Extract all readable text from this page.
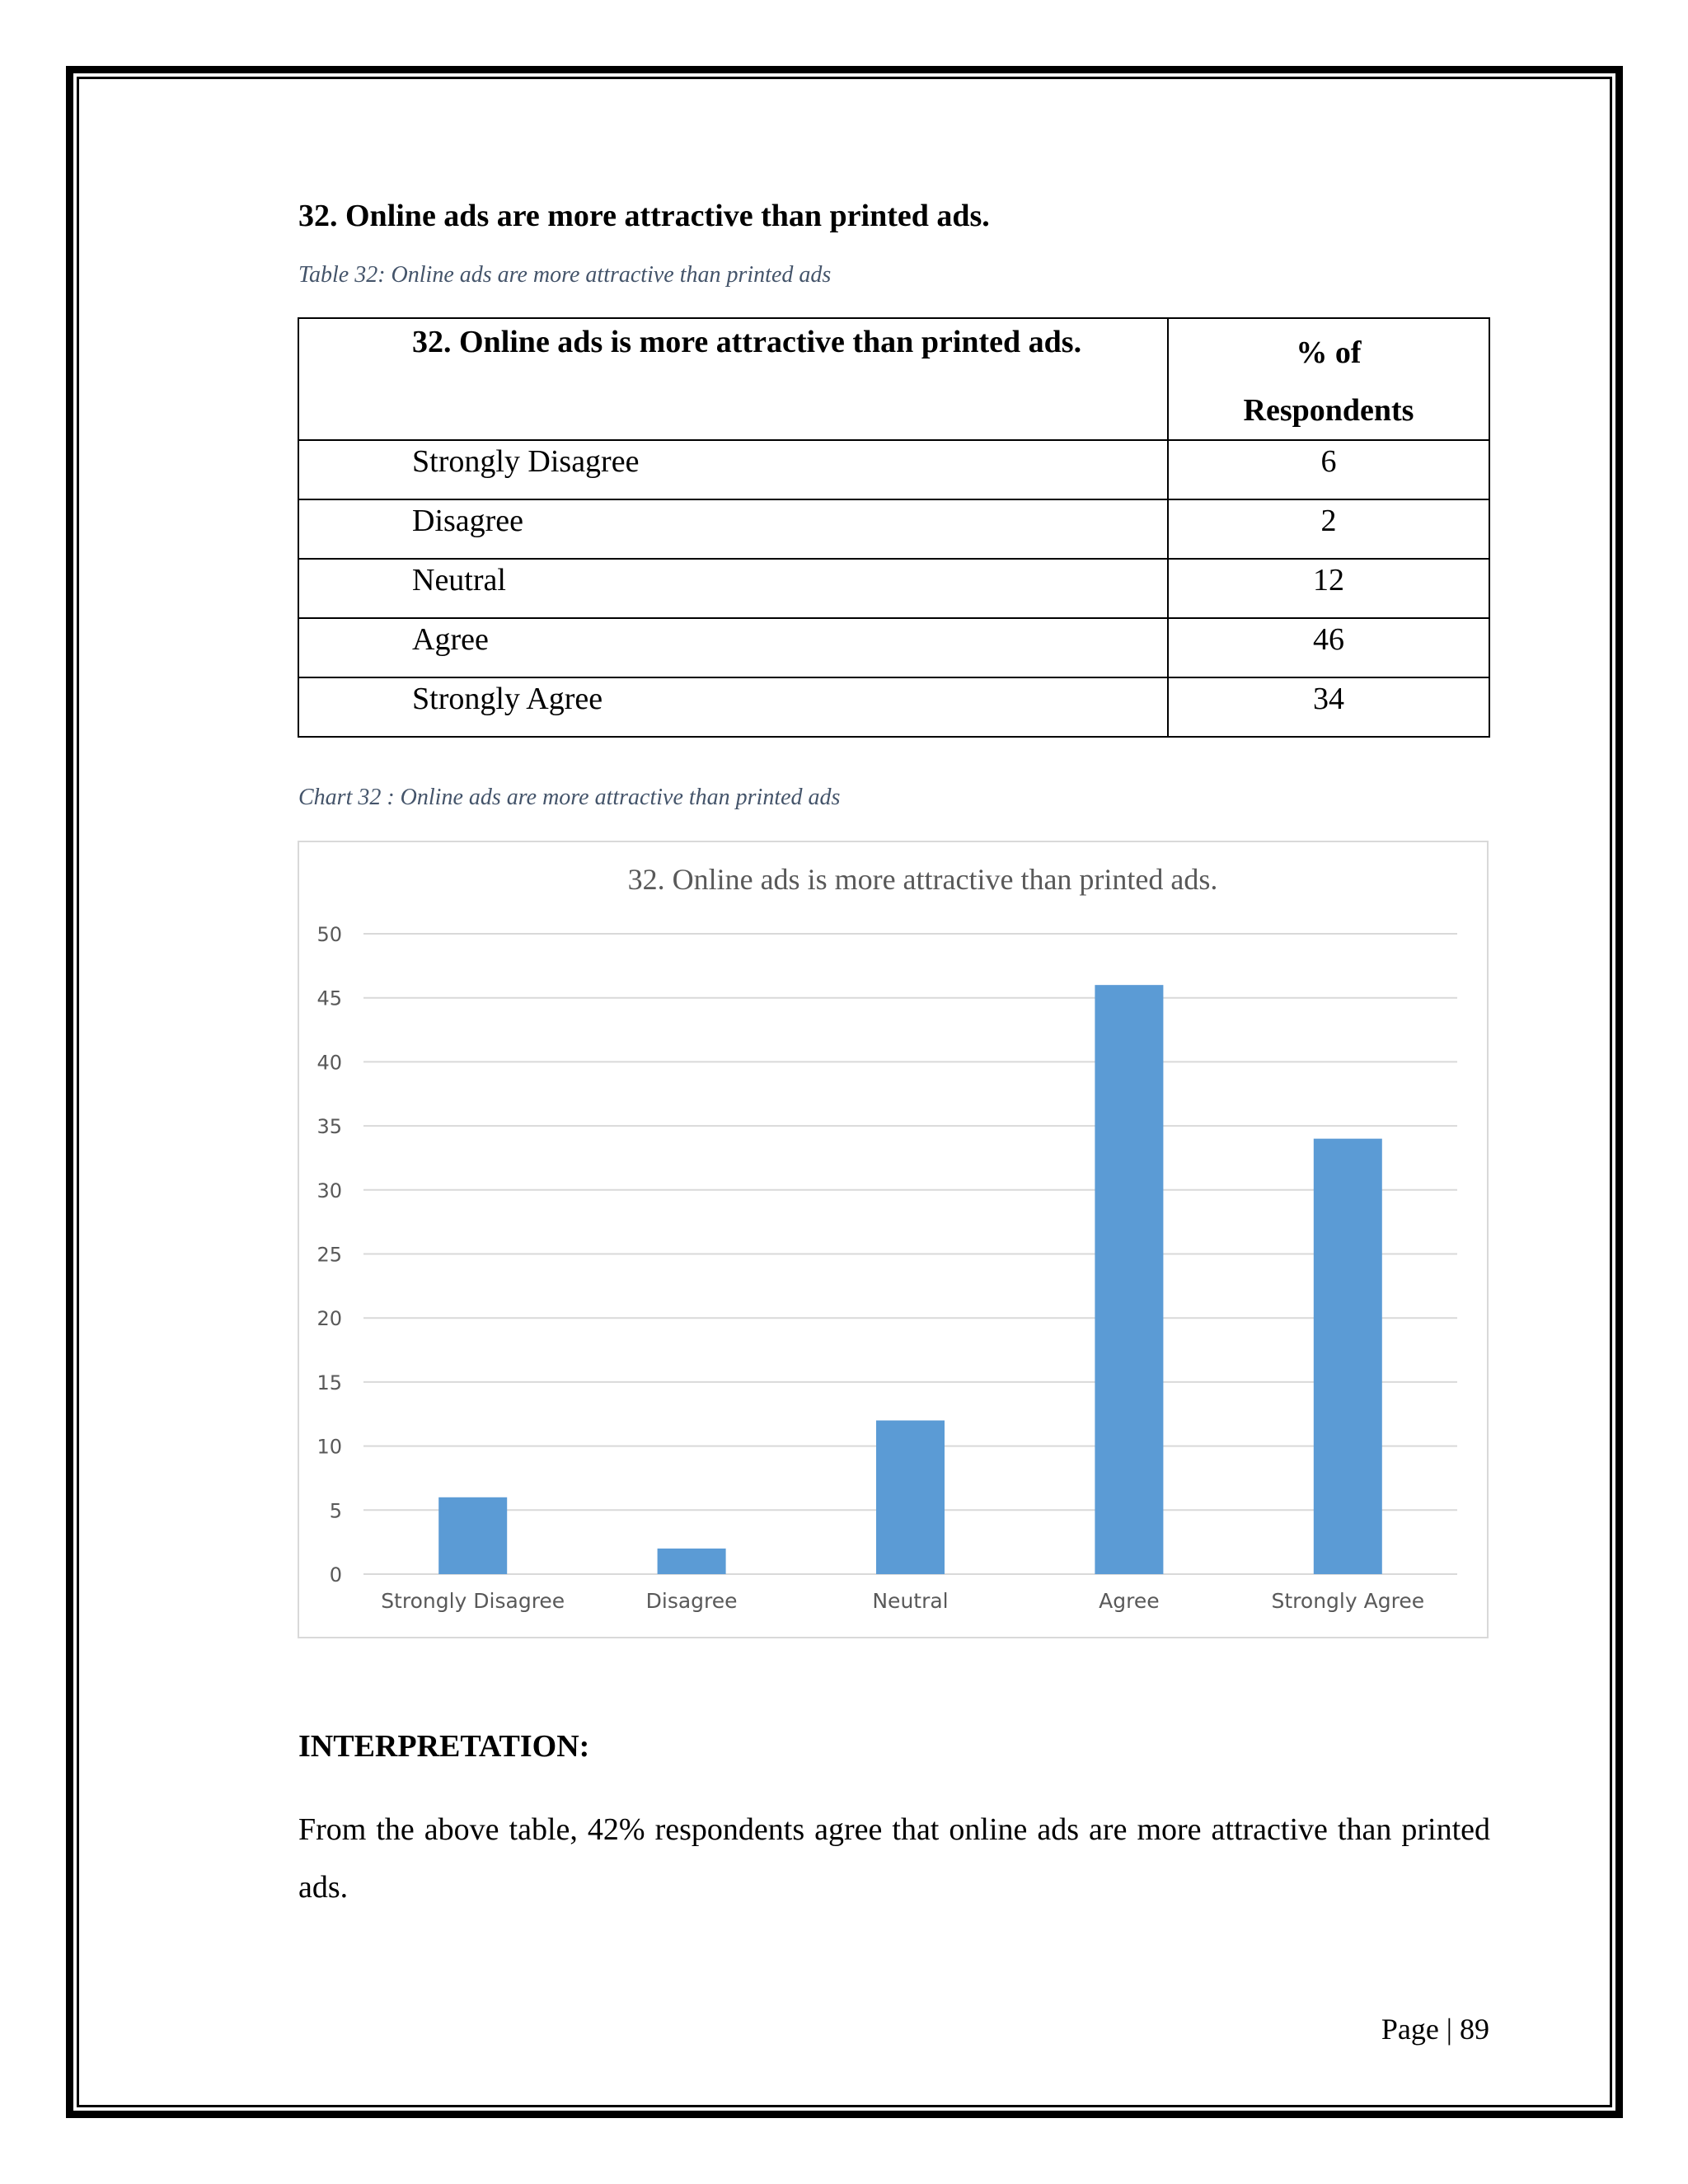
32. Online ads are more attractive than printed ads.
Table 32: Online ads are more attractive than printed ads
32. Online ads is more attractive than printed ads.	% of
Respondents

Strongly Disagree	6
Disagree	2
Neutral	12
Agree	46
Strongly Agree	34
Chart 32 : Online ads are more attractive than printed ads
32. Online ads is more attractive than printed ads.
0
5
10
15
20
25
30
35
40
45
50
Strongly Disagree	Disagree	Neutral	Agree	Strongly Agree
INTERPRETATION:
From the above table, 42% respondents agree that online ads are more attractive than printed ads.
Page | 89
